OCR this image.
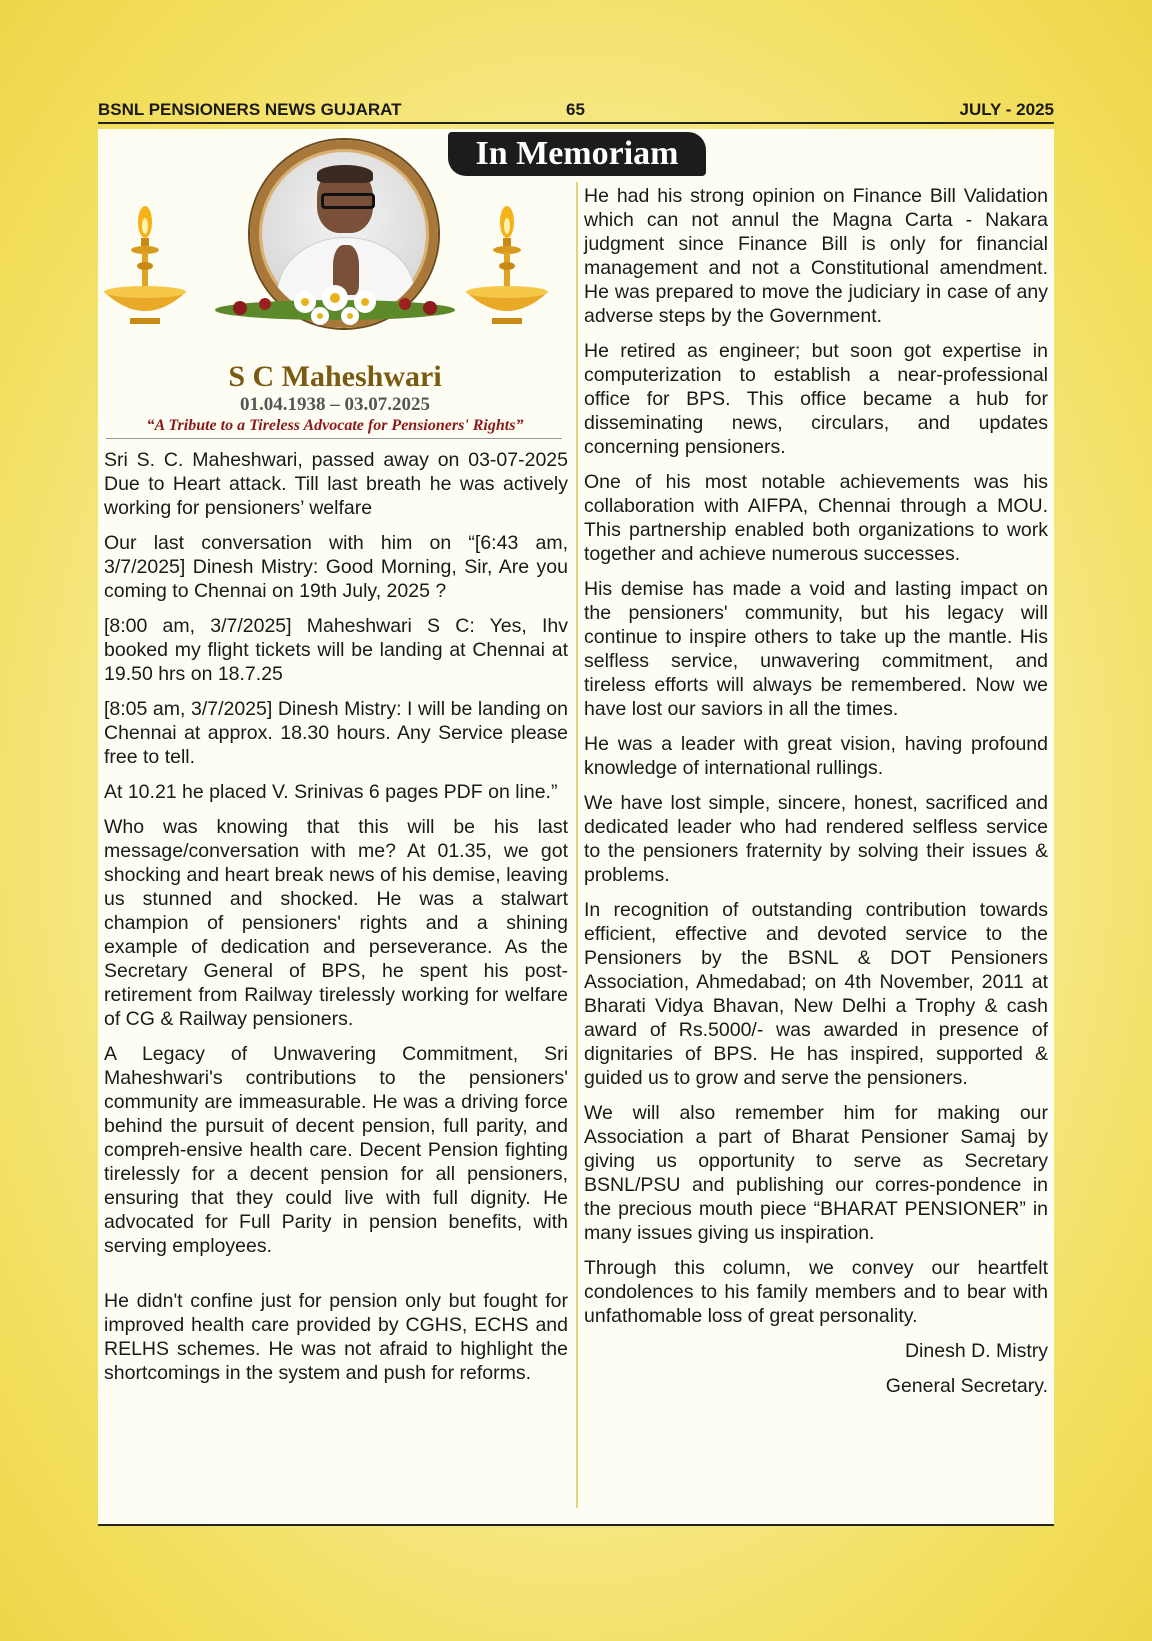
BSNL PENSIONERS NEWS GUJARAT	65	JULY - 2025
In Memoriam
S C Maheshwari
01.04.1938 – 03.07.2025
“A Tribute to a Tireless Advocate for Pensioners' Rights”

Sri S. C. Maheshwari, passed away on 03-07-2025 Due to Heart attack. Till last breath he was actively working for pensioners’ welfare

Our last conversation with him on “[6:43 am, 3/7/2025] Dinesh Mistry: Good Morning, Sir, Are you coming to Chennai on 19th July, 2025 ?

[8:00 am, 3/7/2025] Maheshwari S C: Yes, Ihv booked my flight tickets will be landing at Chennai at 19.50 hrs on 18.7.25

[8:05 am, 3/7/2025] Dinesh Mistry: I will be landing on Chennai at approx. 18.30 hours. Any Service please free to tell.

At 10.21 he placed V. Srinivas 6 pages PDF on line.”

Who was knowing that this will be his last message/conversation with me? At 01.35, we got shocking and heart break news of his demise, leaving us stunned and shocked. He was a stalwart champion of pensioners' rights and a shining example of dedication and perseverance. As the Secretary General of BPS, he spent his post-retirement from Railway tirelessly working for welfare of CG & Railway pensioners.

A Legacy of Unwavering Commitment, Sri Maheshwari's contributions to the pensioners' community are immeasurable. He was a driving force behind the pursuit of decent pension, full parity, and compreh-ensive health care. Decent Pension fighting tirelessly for a decent pension for all pensioners, ensuring that they could live with full dignity. He advocated for Full Parity in pension benefits, with serving employees.

He didn't confine just for pension only but fought for improved health care provided by CGHS, ECHS and RELHS schemes. He was not afraid to highlight the shortcomings in the system and push for reforms.

He had his strong opinion on Finance Bill Validation which can not annul the Magna Carta - Nakara judgment since Finance Bill is only for financial management and not a Constitutional amendment. He was prepared to move the judiciary in case of any adverse steps by the Government.

He retired as engineer; but soon got expertise in computerization to establish a near-professional office for BPS. This office became a hub for disseminating news, circulars, and updates concerning pensioners.

One of his most notable achievements was his collaboration with AIFPA, Chennai through a MOU. This partnership enabled both organizations to work together and achieve numerous successes.

His demise has made a void and lasting impact on the pensioners' community, but his legacy will continue to inspire others to take up the mantle. His selfless service, unwavering commitment, and tireless efforts will always be remembered. Now we have lost our saviors in all the times.

He was a leader with great vision, having profound knowledge of international rullings.

We have lost simple, sincere, honest, sacrificed and dedicated leader who had rendered selfless service to the pensioners fraternity by solving their issues & problems.

In recognition of outstanding contribution towards efficient, effective and devoted service to the Pensioners by the BSNL & DOT Pensioners Association, Ahmedabad; on 4th November, 2011 at Bharati Vidya Bhavan, New Delhi a Trophy & cash award of Rs.5000/- was awarded in presence of dignitaries of BPS. He has inspired, supported & guided us to grow and serve the pensioners.

We will also remember him for making our Association a part of Bharat Pensioner Samaj by giving us opportunity to serve as Secretary BSNL/PSU and publishing our corres-pondence in the precious mouth piece “BHARAT PENSIONER” in many issues giving us inspiration.

Through this column, we convey our heartfelt condolences to his family members and to bear with unfathomable loss of great personality.

Dinesh D. Mistry

General Secretary.
